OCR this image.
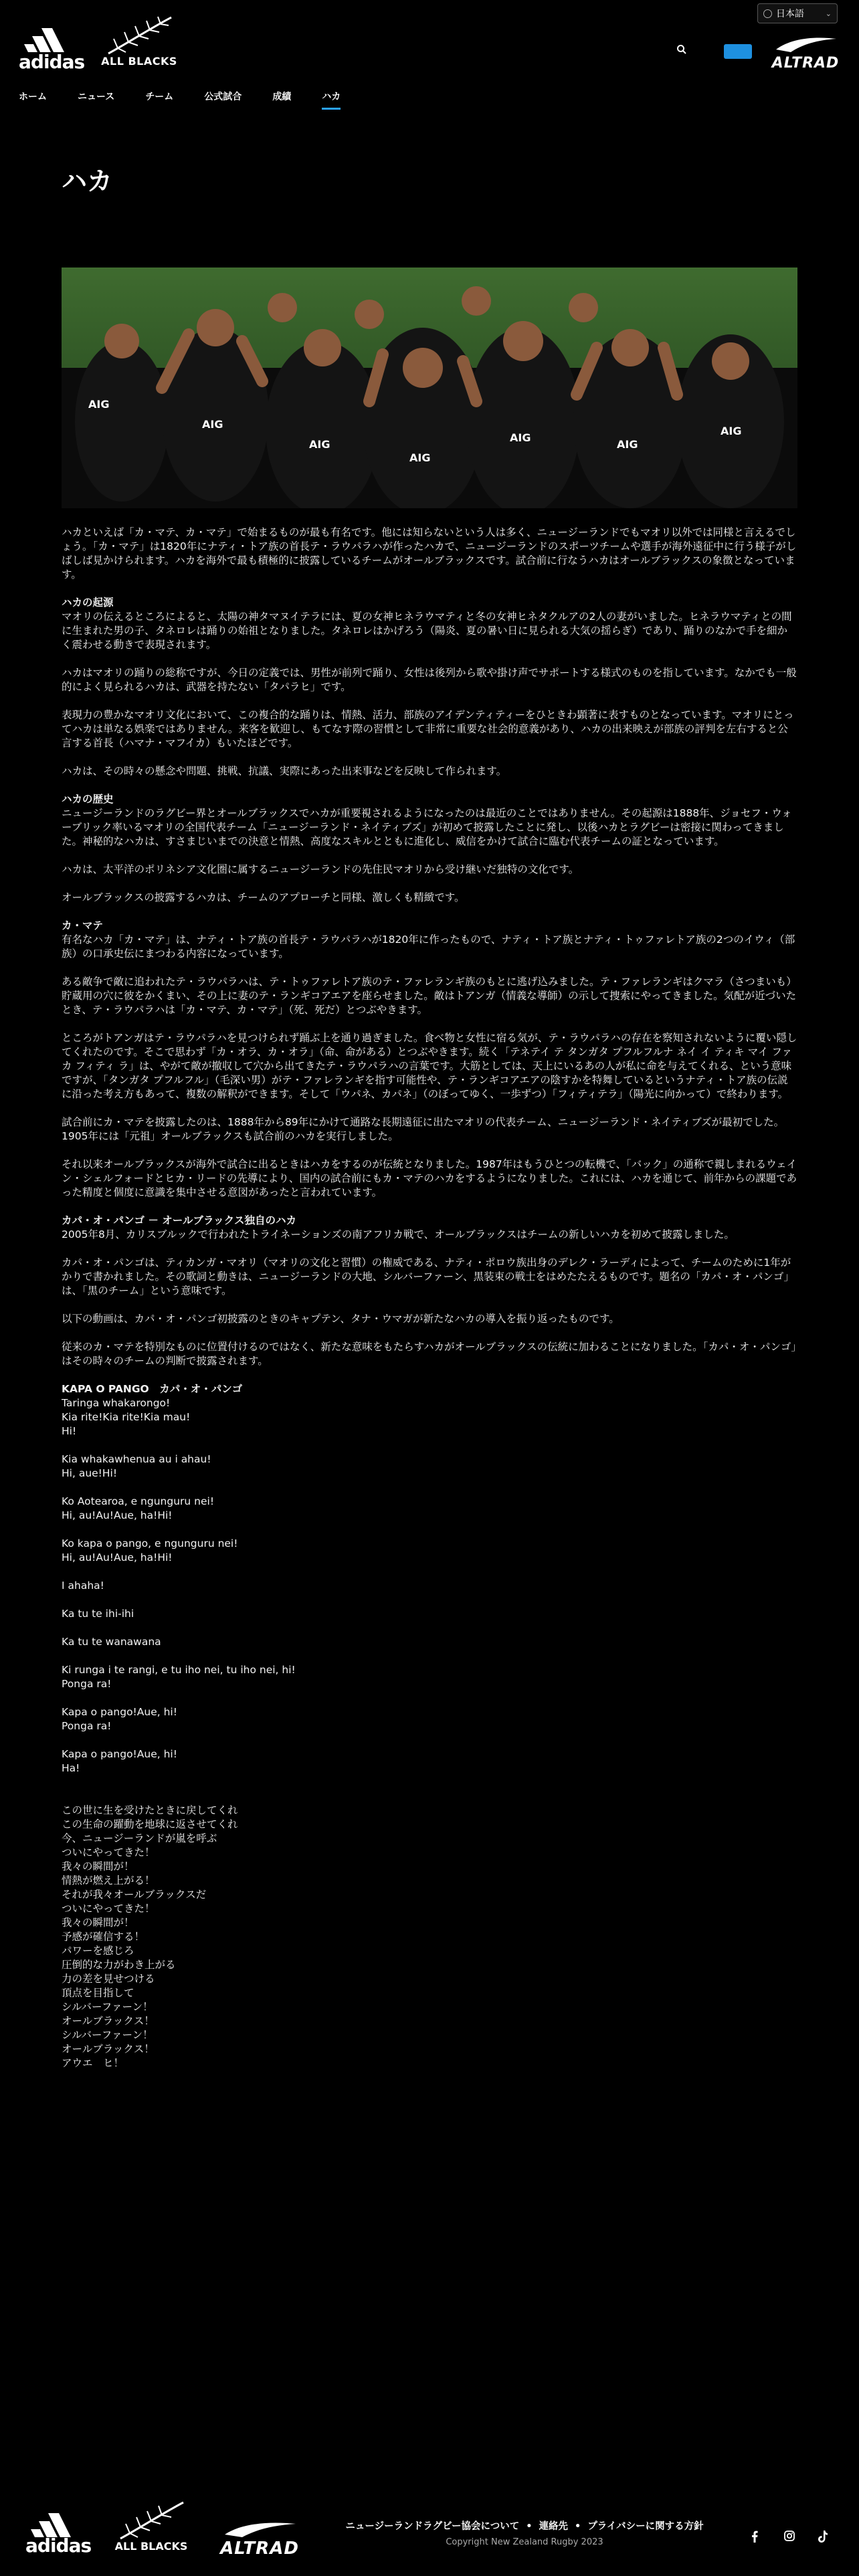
adidas ALL BLACKS
日本語	⌄
ALTRAD
ホーム	ニュース	チーム	公式試合	成績	ハカ
ハカ
AIG
AIG
AIG
AIG
AIG
AIG
AIG

ハカといえば「カ・マテ、カ・マテ」で始まるものが最も有名です。他には知らないという人は多く、ニュージーランドでもマオリ以外では同様と言えるでしょう。「カ・マテ」は1820年にナティ・トア族の首長テ・ラウパラハが作ったハカで、ニュージーランドのスポーツチームや選手が海外遠征中に行う様子がしばしば見かけられます。ハカを海外で最も積極的に披露しているチームがオールブラックスです。試合前に行なうハカはオールブラックスの象徴となっています。

ハカの起源

マオリの伝えるところによると、太陽の神タマヌイテラには、夏の女神ヒネラウマティと冬の女神ヒネタクルアの2人の妻がいました。ヒネラウマティとの間に生まれた男の子、タネロレは踊りの始祖となりました。タネロレはかげろう（陽炎、夏の暑い日に見られる大気の揺らぎ）であり、踊りのなかで手を細かく震わせる動きで表現されます。

ハカはマオリの踊りの総称ですが、今日の定義では、男性が前列で踊り、女性は後列から歌や掛け声でサポートする様式のものを指しています。なかでも一般的によく見られるハカは、武器を持たない「タパラヒ」です。

表現力の豊かなマオリ文化において、この複合的な踊りは、情熱、活力、部族のアイデンティティーをひときわ顕著に表すものとなっています。マオリにとってハカは単なる娯楽ではありません。来客を歓迎し、もてなす際の習慣として非常に重要な社会的意義があり、ハカの出来映えが部族の評判を左右すると公言する首長（ハマナ・マフイカ）もいたほどです。

ハカは、その時々の懸念や問題、挑戦、抗議、実際にあった出来事などを反映して作られます。

ハカの歴史

ニュージーランドのラグビー界とオールブラックスでハカが重要視されるようになったのは最近のことではありません。その起源は1888年、ジョセフ・ウォーブリック率いるマオリの全国代表チーム「ニュージーランド・ネイティブズ」が初めて披露したことに発し、以後ハカとラグビーは密接に関わってきました。神秘的なハカは、すさまじいまでの決意と情熱、高度なスキルとともに進化し、威信をかけて試合に臨む代表チームの証となっています。

ハカは、太平洋のポリネシア文化圏に属するニュージーランドの先住民マオリから受け継いだ独特の文化です。

オールブラックスの披露するハカは、チームのアプローチと同様、激しくも精緻です。

カ・マテ

有名なハカ「カ・マテ」は、ナティ・トア族の首長テ・ラウパラハが1820年に作ったもので、ナティ・トア族とナティ・トゥファレトア族の2つのイウィ（部族）の口承史伝にまつわる内容になっています。

ある敵争で敵に追われたテ・ラウパラハは、テ・トゥファレトア族のテ・ファレランギ族のもとに逃げ込みました。テ・ファレランギはクマラ（さつまいも）貯蔵用の穴に彼をかくまい、その上に妻のテ・ランギコアエアを座らせました。敵はトアンガ（情義な導師）の示して捜索にやってきました。気配が近づいたとき、テ・ラウパラハは「カ・マテ、カ・マテ」（死、死だ）とつぶやきます。

ところがトアンガはテ・ラウパラハを見つけられず踊ぶ上を通り過ぎました。食べ物と女性に宿る気が、テ・ラウパラハの存在を察知されないように覆い隠してくれたのです。そこで思わず「カ・オラ、カ・オラ」（命、命がある）とつぶやきます。続く「テネテイ テ タンガタ プフルフルナ ネイ イ ティキ マイ ファカ フィティ ラ」は、やがて敵が撤収して穴から出てきたテ・ラウパラハの言葉です。大筋としては、天上にいるあの人が私に命を与えてくれる、という意味ですが、「タンガタ プフルフル」（毛深い男）がテ・ファレランギを指す可能性や、テ・ランギコアエアの陰すかを特舞しているというナティ・トア族の伝説に沿った考え方もあって、複数の解釈ができます。そして「ウパネ、カパネ」（のぼってゆく、一歩ずつ）「フィティテラ」（陽光に向かって）で終わります。

試合前にカ・マテを披露したのは、1888年から89年にかけて通路な長期遠征に出たマオリの代表チーム、ニュージーランド・ネイティブズが最初でした。1905年には「元祖」オールブラックスも試合前のハカを実行しました。

それ以来オールブラックスが海外で試合に出るときはハカをするのが伝統となりました。1987年はもうひとつの転機で、「バック」の通称で親しまれるウェイン・シェルフォードとヒカ・リードの先導により、国内の試合前にもカ・マテのハカをするようになりました。これには、ハカを通じて、前年からの課題であった精度と個度に意識を集中させる意図があったと言われています。

カパ・オ・パンゴ － オールブラックス独自のハカ

2005年8月、カリスブルックで行われたトライネーションズの南アフリカ戦で、オールブラックスはチームの新しいハカを初めて披露しました。

カパ・オ・パンゴは、ティカンガ・マオリ（マオリの文化と習慣）の権威である、ナティ・ポロウ族出身のデレク・ラーディによって、チームのために1年がかりで書かれました。その歌詞と動きは、ニュージーランドの大地、シルバーファーン、黒装束の戦士をはめたたえるものです。題名の「カパ・オ・パンゴ」は、「黒のチーム」という意味です。

以下の動画は、カパ・オ・パンゴ初披露のときのキャプテン、タナ・ウマガが新たなハカの導入を振り返ったものです。

従来のカ・マテを特別なものに位置付けるのではなく、新たな意味をもたらすハカがオールブラックスの伝統に加わることになりました。「カパ・オ・パンゴ」はその時々のチームの判断で披露されます。

KAPA O PANGO　カパ・オ・パンゴ
Taringa whakarongo!
Kia rite!Kia rite!Kia mau!
Hi!
Kia whakawhenua au i ahau!
Hi, aue!Hi!
Ko Aotearoa, e ngunguru nei!
Hi, au!Au!Aue, ha!Hi!
Ko kapa o pango, e ngunguru nei!
Hi, au!Au!Aue, ha!Hi!
I ahaha!
Ka tu te ihi-ihi
Ka tu te wanawana
Ki runga i te rangi, e tu iho nei, tu iho nei, hi!
Ponga ra!
Kapa o pango!Aue, hi!
Ponga ra!
Kapa o pango!Aue, hi!
Ha!
この世に生を受けたときに戻してくれ
この生命の躍動を地球に返させてくれ
今、ニュージーランドが嵐を呼ぶ
ついにやってきた！
我々の瞬間が！
情熱が燃え上がる！
それが我々オールブラックスだ
ついにやってきた！
我々の瞬間が！
予感が確信する！
パワーを感じろ
圧倒的な力がわき上がる
力の差を見せつける
頂点を目指して
シルバーファーン！
オールブラックス！
シルバーファーン！
オールブラックス！
アウエ　ヒ！
adidas	ALL BLACKS ALTRAD
ニュージーランドラグビー協会について • 連絡先 • プライバシーに関する方針
Copyright New Zealand Rugby 2023
